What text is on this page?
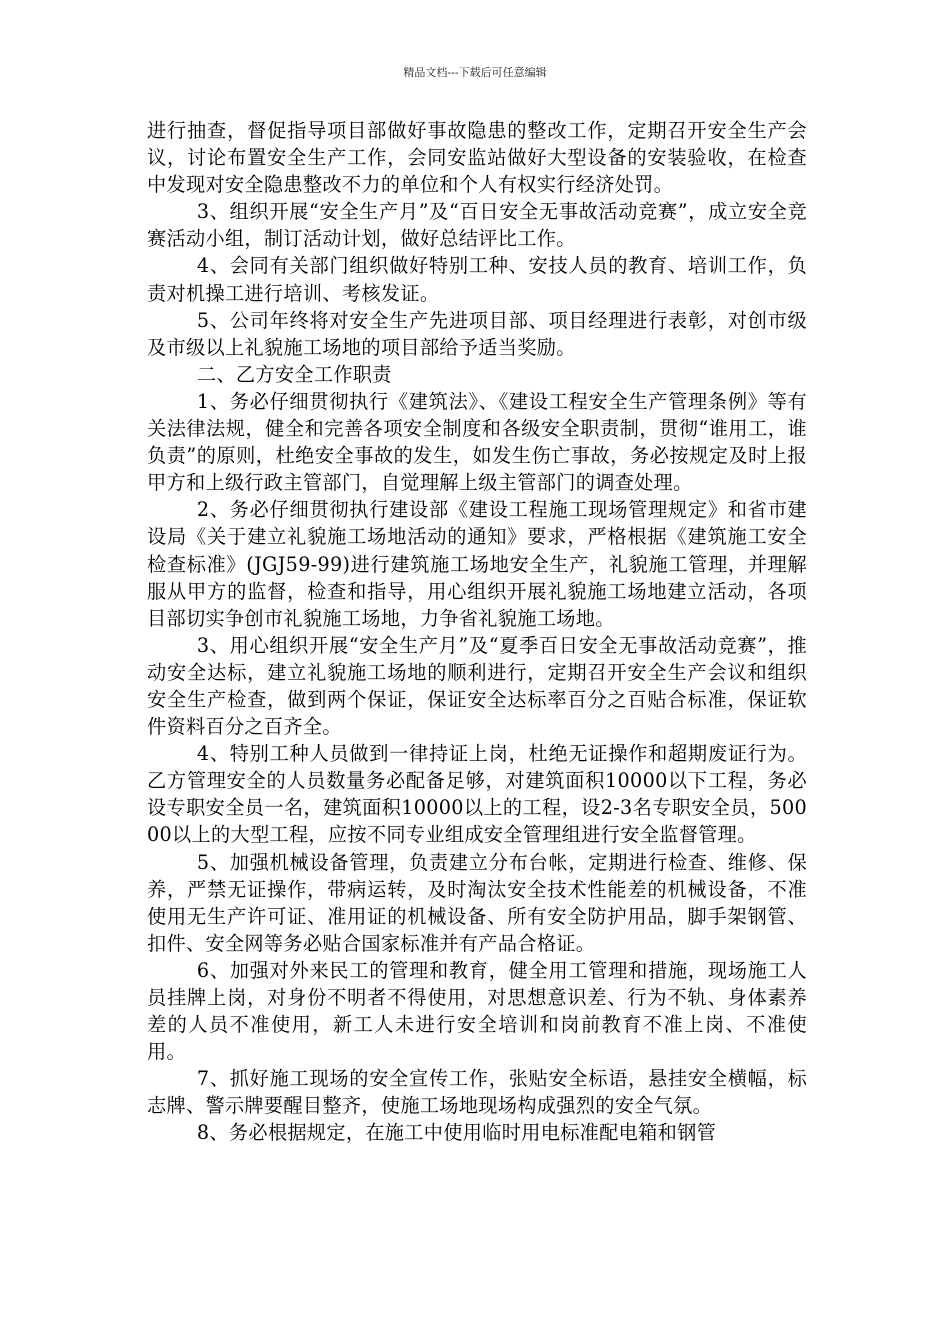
精品文档---下载后可任意编辑

进行抽查，督促指导项目部做好事故隐患的整改工作，定期召开安全生产会议，讨论布置安全生产工作，会同安监站做好大型设备的安装验收，在检查中发现对安全隐患整改不力的单位和个人有权实行经济处罚。

3、组织开展“安全生产月”及“百日安全无事故活动竞赛”，成立安全竞赛活动小组，制订活动计划，做好总结评比工作。

4、会同有关部门组织做好特别工种、安技人员的教育、培训工作，负责对机操工进行培训、考核发证。

5、公司年终将对安全生产先进项目部、项目经理进行表彰，对创市级及市级以上礼貌施工场地的项目部给予适当奖励。

二、乙方安全工作职责

1、务必仔细贯彻执行《建筑法》、《建设工程安全生产管理条例》等有关法律法规，健全和完善各项安全制度和各级安全职责制，贯彻“谁用工，谁负责”的原则，杜绝安全事故的发生，如发生伤亡事故，务必按规定及时上报甲方和上级行政主管部门，自觉理解上级主管部门的调查处理。

2、务必仔细贯彻执行建设部《建设工程施工现场管理规定》和省市建设局《关于建立礼貌施工场地活动的通知》要求，严格根据《建筑施工安全检查标准》(JGJ59-99)进行建筑施工场地安全生产，礼貌施工管理，并理解服从甲方的监督，检查和指导，用心组织开展礼貌施工场地建立活动，各项目部切实争创市礼貌施工场地，力争省礼貌施工场地。

3、用心组织开展“安全生产月”及“夏季百日安全无事故活动竞赛”，推动安全达标，建立礼貌施工场地的顺利进行，定期召开安全生产会议和组织安全生产检查，做到两个保证，保证安全达标率百分之百贴合标准，保证软件资料百分之百齐全。

4、特别工种人员做到一律持证上岗，杜绝无证操作和超期废证行为。乙方管理安全的人员数量务必配备足够，对建筑面积10000以下工程，务必设专职安全员一名，建筑面积10000以上的工程，设2-3名专职安全员，50000以上的大型工程，应按不同专业组成安全管理组进行安全监督管理。

5、加强机械设备管理，负责建立分布台帐，定期进行检查、维修、保养，严禁无证操作，带病运转，及时淘汰安全技术性能差的机械设备，不准使用无生产许可证、准用证的机械设备、所有安全防护用品，脚手架钢管、扣件、安全网等务必贴合国家标准并有产品合格证。

6、加强对外来民工的管理和教育，健全用工管理和措施，现场施工人员挂牌上岗，对身份不明者不得使用，对思想意识差、行为不轨、身体素养差的人员不准使用，新工人未进行安全培训和岗前教育不准上岗、不准使用。

7、抓好施工现场的安全宣传工作，张贴安全标语，悬挂安全横幅，标志牌、警示牌要醒目整齐，使施工场地现场构成强烈的安全气氛。

8、务必根据规定，在施工中使用临时用电标准配电箱和钢管
